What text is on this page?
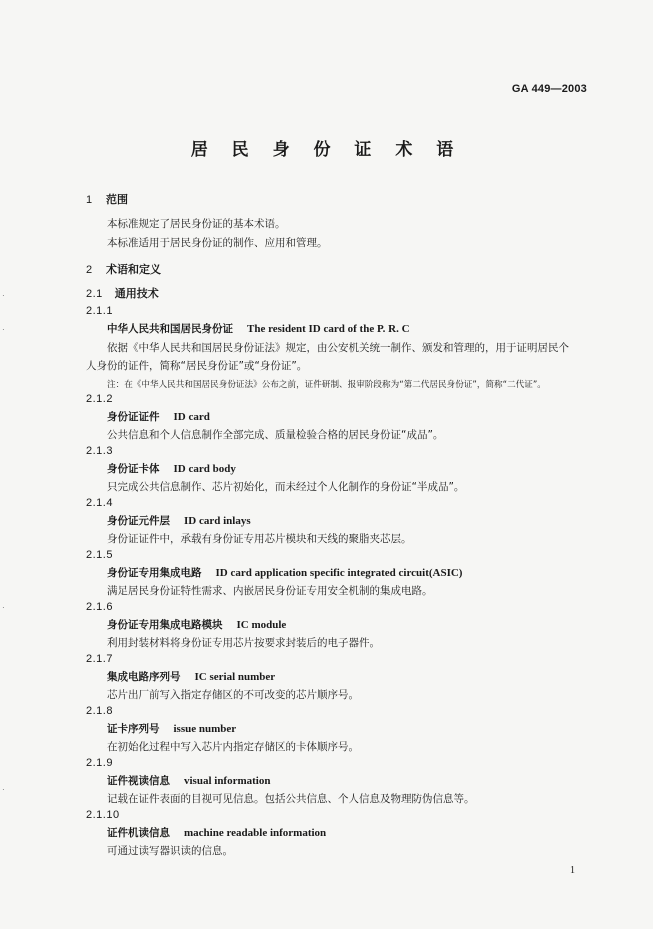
GA 449—2003
居 民 身 份 证 术 语
1 范围
本标准规定了居民身份证的基本术语。
本标准适用于居民身份证的制作、应用和管理。
2 术语和定义
2.1 通用技术
2.1.1
中华人民共和国居民身份证 The resident ID card of the P. R. C
依据《中华人民共和国居民身份证法》规定，由公安机关统一制作、颁发和管理的，用于证明居民个
人身份的证件，简称“居民身份证”或“身份证”。
注：在《中华人民共和国居民身份证法》公布之前，证件研制、报审阶段称为“第二代居民身份证”，简称“二代证”。
2.1.2
身份证证件 ID card
公共信息和个人信息制作全部完成、质量检验合格的居民身份证“成品”。
2.1.3
身份证卡体 ID card body
只完成公共信息制作、芯片初始化，而未经过个人化制作的身份证“半成品”。
2.1.4
身份证元件层 ID card inlays
身份证证件中，承载有身份证专用芯片模块和天线的聚脂夹芯层。
2.1.5
身份证专用集成电路 ID card application specific integrated circuit(ASIC)
满足居民身份证特性需求、内嵌居民身份证专用安全机制的集成电路。
2.1.6
身份证专用集成电路模块 IC module
利用封装材料将身份证专用芯片按要求封装后的电子器件。
2.1.7
集成电路序列号 IC serial number
芯片出厂前写入指定存储区的不可改变的芯片顺序号。
2.1.8
证卡序列号 issue number
在初始化过程中写入芯片内指定存储区的卡体顺序号。
2.1.9
证件视读信息 visual information
记载在证件表面的目视可见信息。包括公共信息、个人信息及物理防伪信息等。
2.1.10
证件机读信息 machine readable information
可通过读写器识读的信息。
1
·
·
·
·
